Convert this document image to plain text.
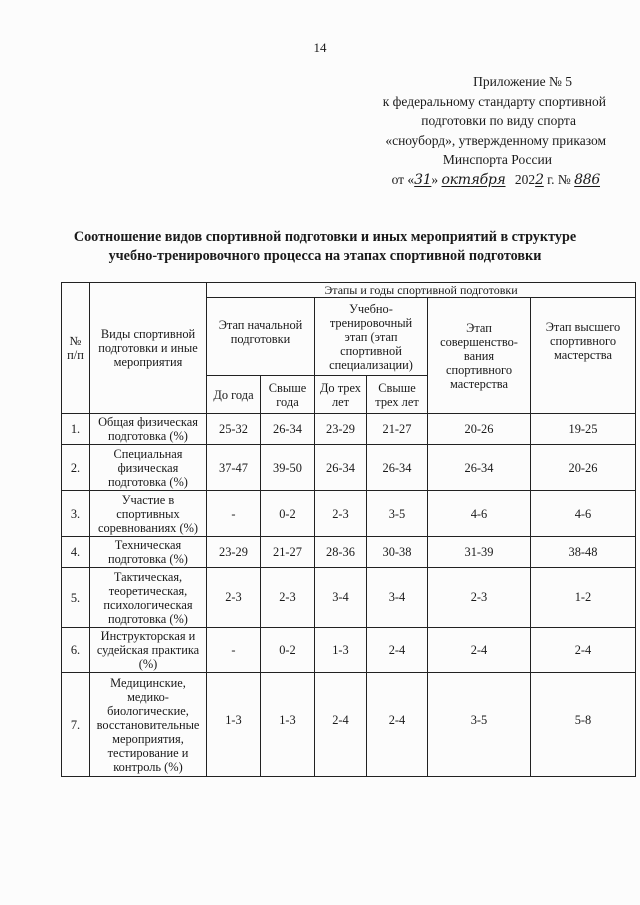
14
Приложение № 5
к федеральному стандарту спортивной
подготовки по виду спорта
«сноуборд», утвержденному приказом
Минспорта России
от «31» октября 2022 г. № 886
Соотношение видов спортивной подготовки и иных мероприятий в структуре
учебно-тренировочного процесса на этапах спортивной подготовки
№ п/п	Виды спортивной подготовки и иные мероприятия	Этапы и годы спортивной подготовки					
		Этап начальной подготовки		Учебно-тренировочный этап (этап спортивной специализации)		Этап совершенство-вания спортивного мастерства	Этап высшего спортивного мастерства
		До года	Свыше года	До трех лет	Свыше трех лет		
1.	Общая физическая подготовка (%)	25-32	26-34	23-29	21-27	20-26	19-25
2.	Специальная физическая подготовка (%)	37-47	39-50	26-34	26-34	26-34	20-26
3.	Участие в спортивных соревнованиях (%)	-	0-2	2-3	3-5	4-6	4-6
4.	Техническая подготовка (%)	23-29	21-27	28-36	30-38	31-39	38-48
5.	Тактическая, теоретическая, психологическая подготовка (%)	2-3	2-3	3-4	3-4	2-3	1-2
6.	Инструкторская и судейская практика (%)	-	0-2	1-3	2-4	2-4	2-4
7.	Медицинские, медико-биологические, восстановительные мероприятия, тестирование и контроль (%)	1-3	1-3	2-4	2-4	3-5	5-8
